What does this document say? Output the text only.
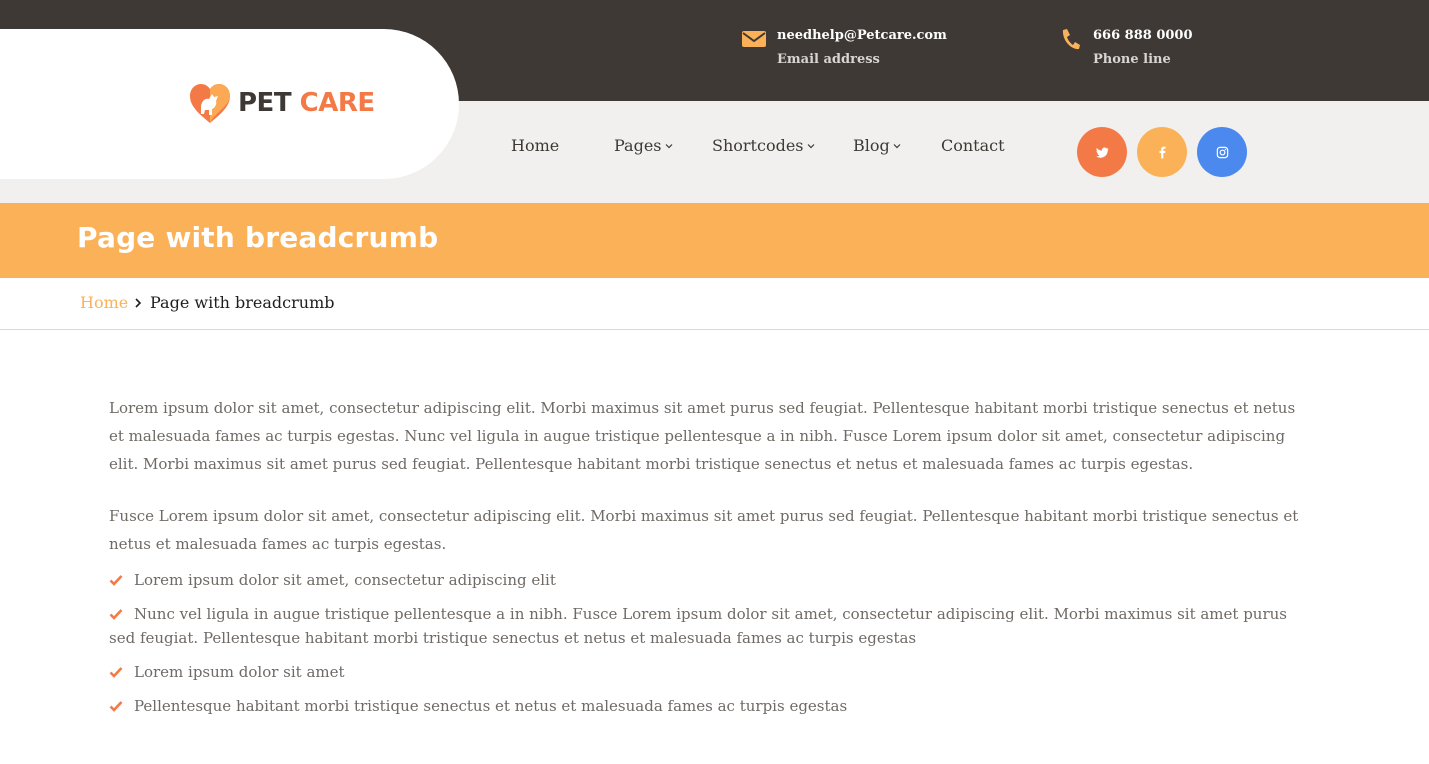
PET CARE
needhelp@Petcare.com
Email address
666 888 0000
Phone line
Home	Pages	Shortcodes	Blog	Contact
Page with breadcrumb
Home Page with breadcrumb

Lorem ipsum dolor sit amet, consectetur adipiscing elit. Morbi maximus sit amet purus sed feugiat. Pellentesque habitant morbi tristique senectus et netus et malesuada fames ac turpis egestas. Nunc vel ligula in augue tristique pellentesque a in nibh. Fusce Lorem ipsum dolor sit amet, consectetur adipiscing elit. Morbi maximus sit amet purus sed feugiat. Pellentesque habitant morbi tristique senectus et netus et malesuada fames ac turpis egestas.

Fusce Lorem ipsum dolor sit amet, consectetur adipiscing elit. Morbi maximus sit amet purus sed feugiat. Pellentesque habitant morbi tristique senectus et netus et malesuada fames ac turpis egestas.

Lorem ipsum dolor sit amet, consectetur adipiscing elit
Nunc vel ligula in augue tristique pellentesque a in nibh. Fusce Lorem ipsum dolor sit amet, consectetur adipiscing elit. Morbi maximus sit amet purus sed feugiat. Pellentesque habitant morbi tristique senectus et netus et malesuada fames ac turpis egestas
Lorem ipsum dolor sit amet
Pellentesque habitant morbi tristique senectus et netus et malesuada fames ac turpis egestas
